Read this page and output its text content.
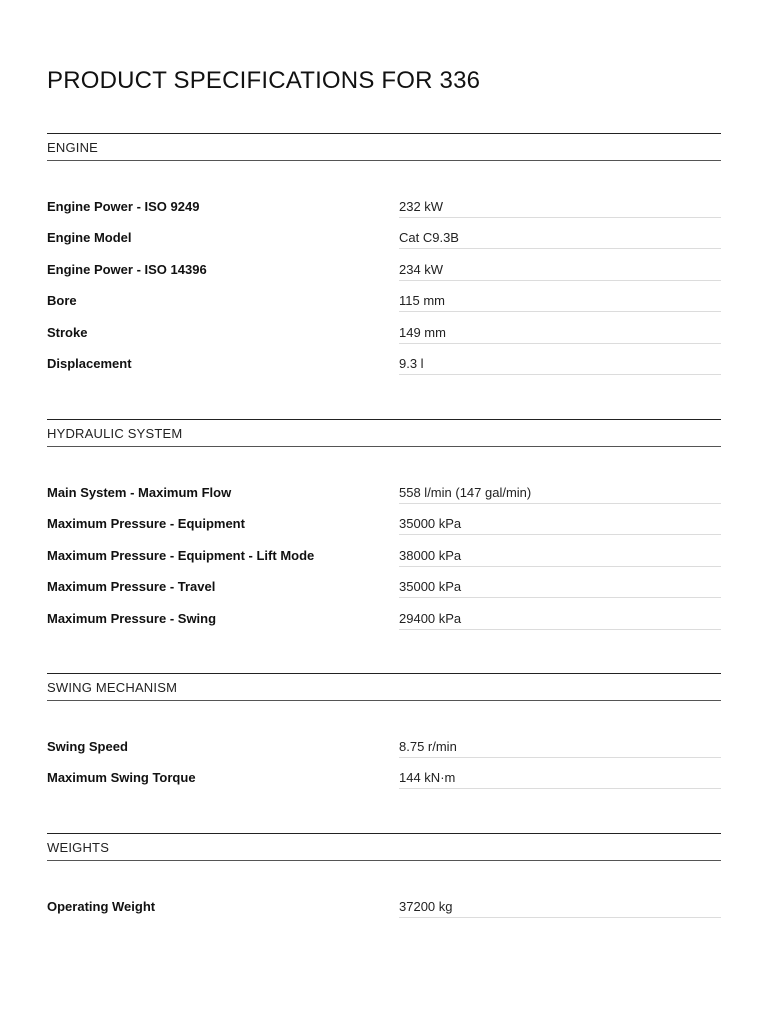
PRODUCT SPECIFICATIONS FOR 336
ENGINE
Engine Power - ISO 9249	232 kW
Engine Model	Cat C9.3B
Engine Power - ISO 14396	234 kW
Bore	115 mm
Stroke	149 mm
Displacement	9.3 l
HYDRAULIC SYSTEM
Main System - Maximum Flow	558 l/min (147 gal/min)
Maximum Pressure - Equipment	35000 kPa
Maximum Pressure - Equipment - Lift Mode	38000 kPa
Maximum Pressure - Travel	35000 kPa
Maximum Pressure - Swing	29400 kPa
SWING MECHANISM
Swing Speed	8.75 r/min
Maximum Swing Torque	144 kN·m
WEIGHTS
Operating Weight	37200 kg
